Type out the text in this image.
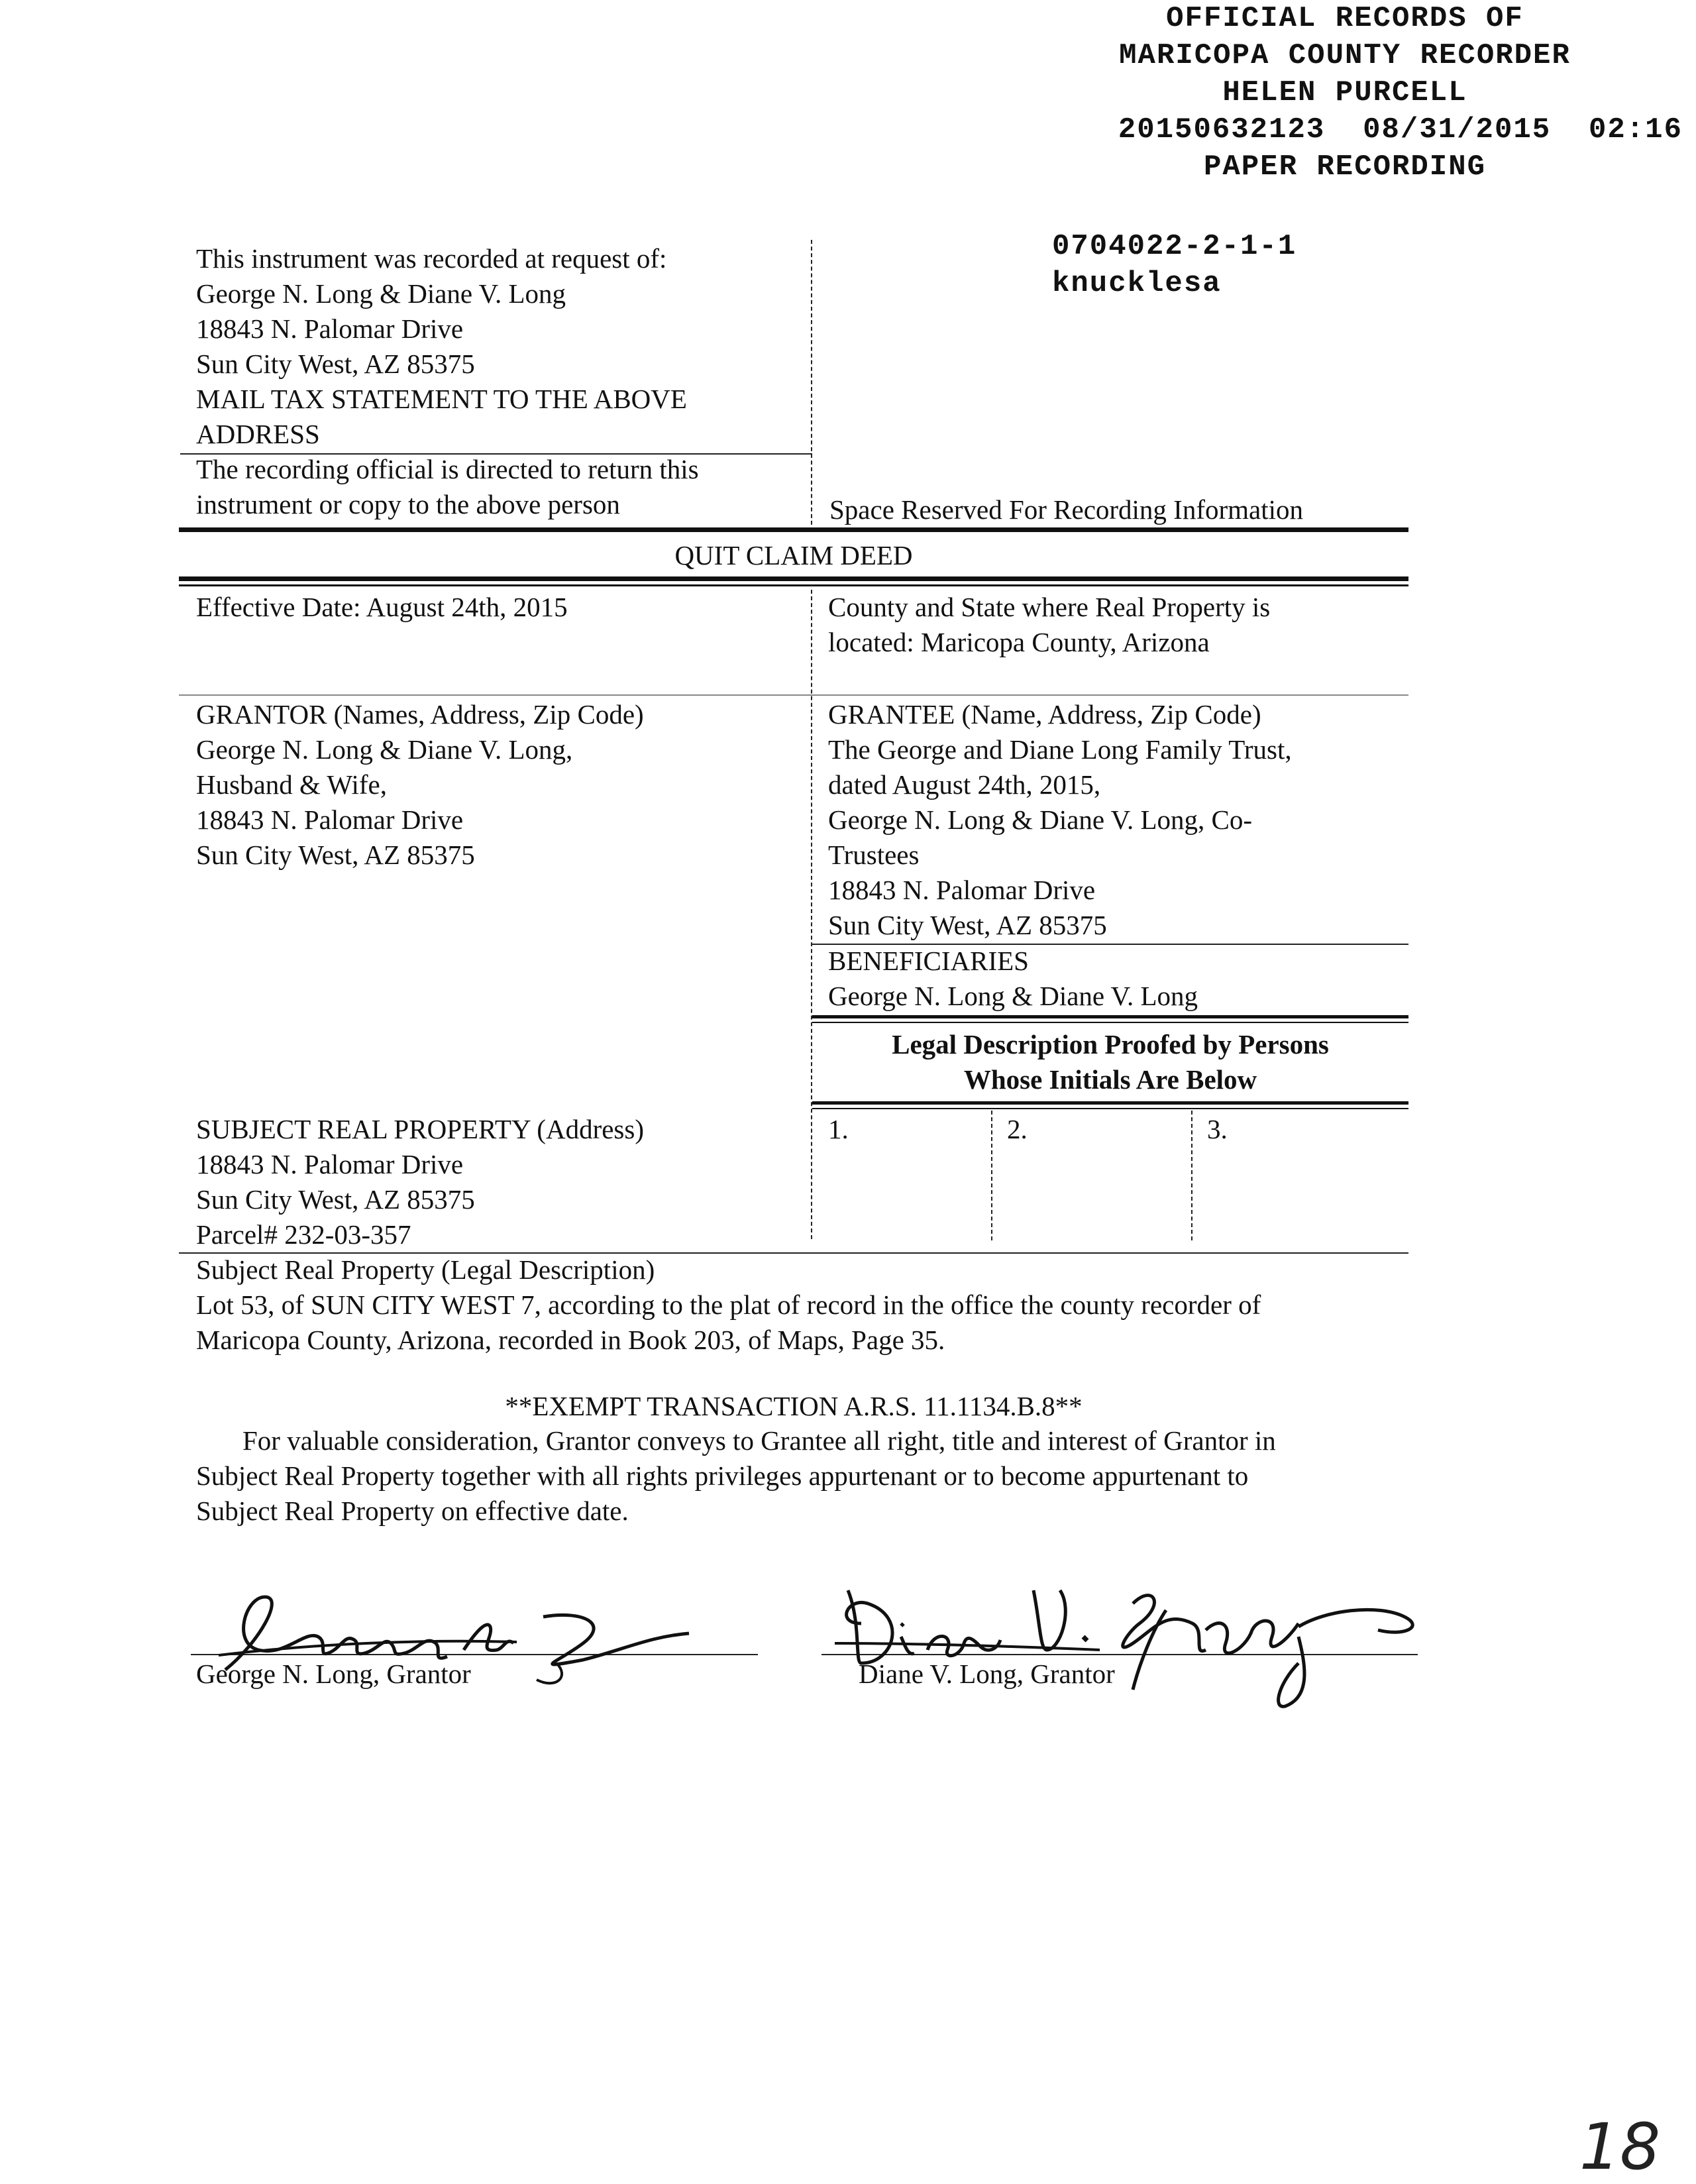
OFFICIAL RECORDS OF
MARICOPA COUNTY RECORDER
HELEN PURCELL
20150632123 08/31/2015 02:16
PAPER RECORDING
0704022-2-1-1
knucklesa
This instrument was recorded at request of:
George N. Long & Diane V. Long
18843 N. Palomar Drive
Sun City West, AZ 85375
MAIL TAX STATEMENT TO THE ABOVE
ADDRESS
The recording official is directed to return this
instrument or copy to the above person	Space Reserved For Recording Information
QUIT CLAIM DEED
Effective Date: August 24th, 2015	County and State where Real Property is
located: Maricopa County, Arizona
GRANTOR (Names, Address, Zip Code)
George N. Long & Diane V. Long,
Husband & Wife,
18843 N. Palomar Drive
Sun City West, AZ 85375
GRANTEE (Name, Address, Zip Code)
The George and Diane Long Family Trust,
dated August 24th, 2015,
George N. Long & Diane V. Long, Co-
Trustees
18843 N. Palomar Drive
Sun City West, AZ 85375
BENEFICIARIES
George N. Long & Diane V. Long
Legal Description Proofed by Persons
Whose Initials Are Below
1.	2.	3.
SUBJECT REAL PROPERTY (Address)
18843 N. Palomar Drive
Sun City West, AZ 85375
Parcel# 232-03-357
Subject Real Property (Legal Description)
Lot 53, of SUN CITY WEST 7, according to the plat of record in the office the county recorder of
Maricopa County, Arizona, recorded in Book 203, of Maps, Page 35.
**EXEMPT TRANSACTION A.R.S. 11.1134.B.8**
For valuable consideration, Grantor conveys to Grantee all right, title and interest of Grantor in
Subject Real Property together with all rights privileges appurtenant or to become appurtenant to
Subject Real Property on effective date.
George N. Long, Grantor	Diane V. Long, Grantor
18
